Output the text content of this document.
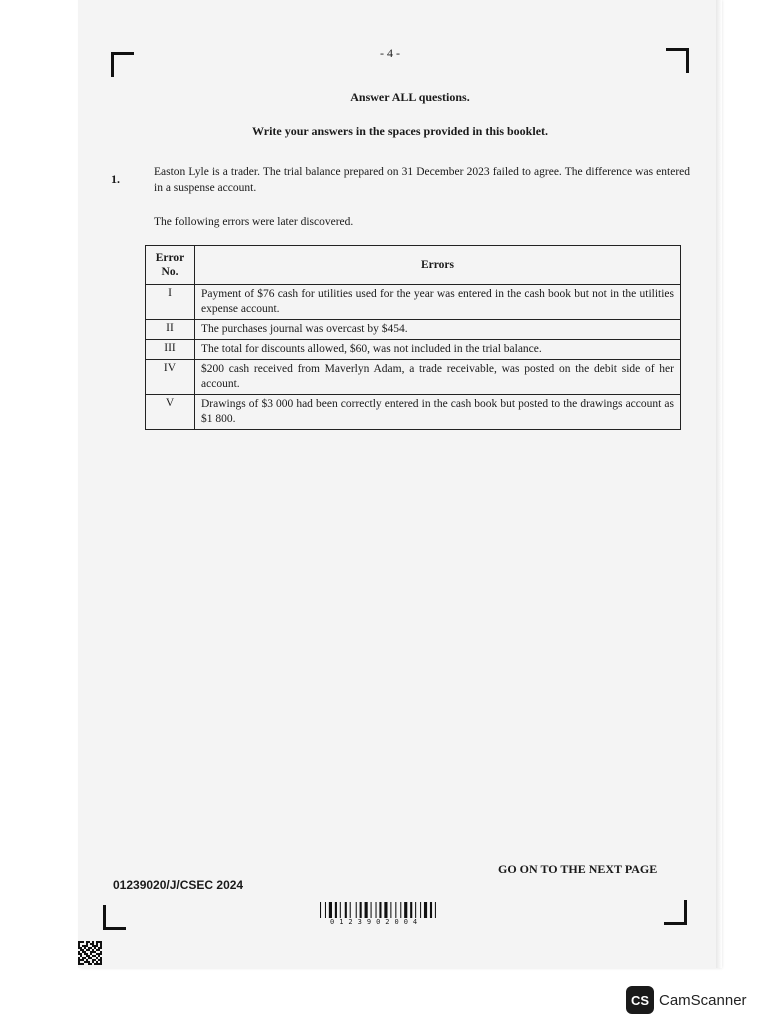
- 4 -
Answer ALL questions.
Write your answers in the spaces provided in this booklet.
1.	Easton Lyle is a trader. The trial balance prepared on 31 December 2023 failed to agree. The difference was entered in a suspense account.
The following errors were later discovered.
Error No.	Errors
I	Payment of $76 cash for utilities used for the year was entered in the cash book but not in the utilities expense account.
II	The purchases journal was overcast by $454.
III	The total for discounts allowed, $60, was not included in the trial balance.
IV	$200 cash received from Maverlyn Adam, a trade receivable, was posted on the debit side of her account.
V	Drawings of $3 000 had been correctly entered in the cash book but posted to the drawings account as $1 800.
GO ON TO THE NEXT PAGE
01239020/J/CSEC 2024
0123902004
CS CamScanner
